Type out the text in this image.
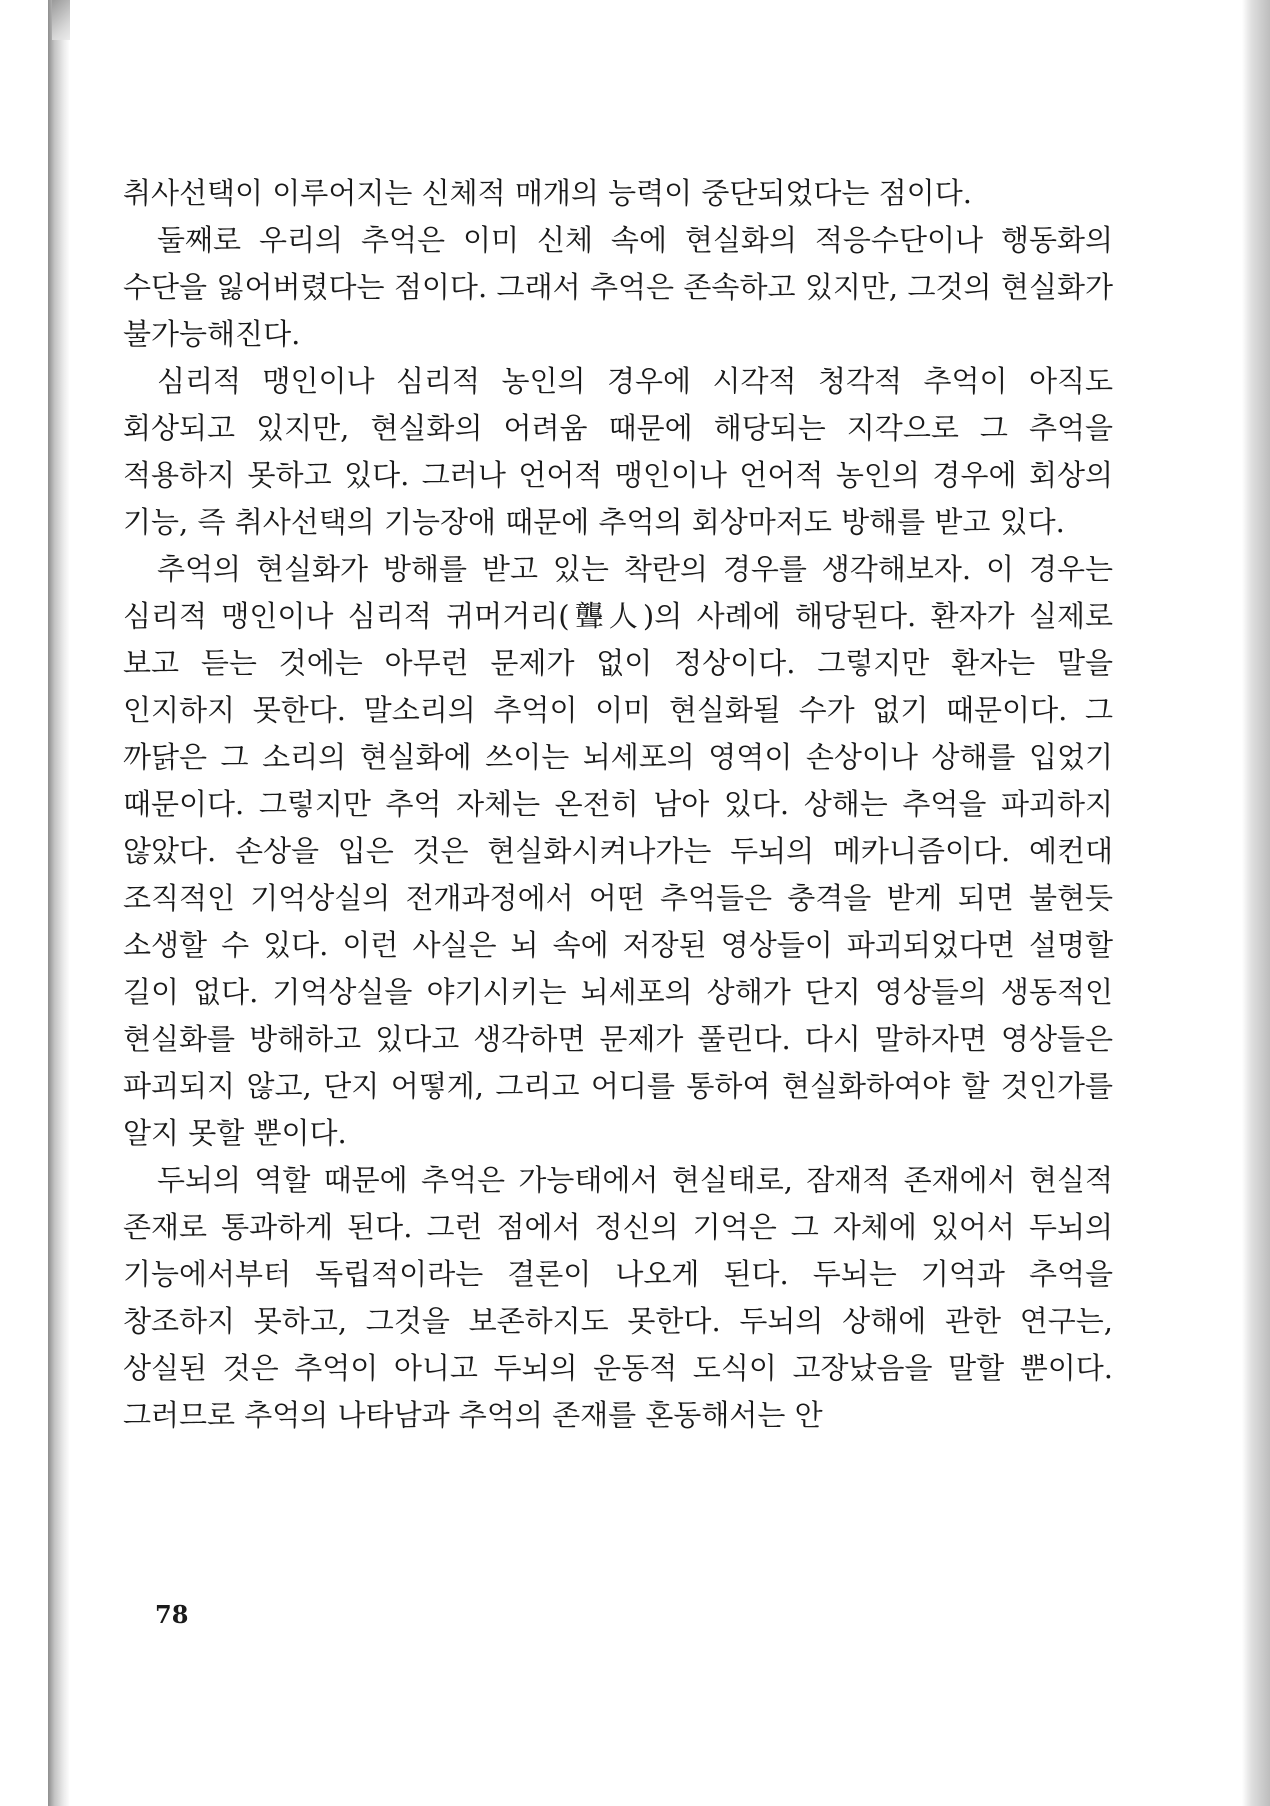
취사선택이 이루어지는 신체적 매개의 능력이 중단되었다는 점이다.

둘째로 우리의 추억은 이미 신체 속에 현실화의 적응수단이나 행동화의 수단을 잃어버렸다는 점이다. 그래서 추억은 존속하고 있지만, 그것의 현실화가 불가능해진다.

심리적 맹인이나 심리적 농인의 경우에 시각적 청각적 추억이 아직도 회상되고 있지만, 현실화의 어려움 때문에 해당되는 지각으로 그 추억을 적용하지 못하고 있다. 그러나 언어적 맹인이나 언어적 농인의 경우에 회상의 기능, 즉 취사선택의 기능장애 때문에 추억의 회상마저도 방해를 받고 있다.

추억의 현실화가 방해를 받고 있는 착란의 경우를 생각해보자. 이 경우는 심리적 맹인이나 심리적 귀머거리(聾人)의 사례에 해당된다. 환자가 실제로 보고 듣는 것에는 아무런 문제가 없이 정상이다. 그렇지만 환자는 말을 인지하지 못한다. 말소리의 추억이 이미 현실화될 수가 없기 때문이다. 그 까닭은 그 소리의 현실화에 쓰이는 뇌세포의 영역이 손상이나 상해를 입었기 때문이다. 그렇지만 추억 자체는 온전히 남아 있다. 상해는 추억을 파괴하지 않았다. 손상을 입은 것은 현실화시켜나가는 두뇌의 메카니즘이다. 예컨대 조직적인 기억상실의 전개과정에서 어떤 추억들은 충격을 받게 되면 불현듯 소생할 수 있다. 이런 사실은 뇌 속에 저장된 영상들이 파괴되었다면 설명할 길이 없다. 기억상실을 야기시키는 뇌세포의 상해가 단지 영상들의 생동적인 현실화를 방해하고 있다고 생각하면 문제가 풀린다. 다시 말하자면 영상들은 파괴되지 않고, 단지 어떻게, 그리고 어디를 통하여 현실화하여야 할 것인가를 알지 못할 뿐이다.

두뇌의 역할 때문에 추억은 가능태에서 현실태로, 잠재적 존재에서 현실적 존재로 통과하게 된다. 그런 점에서 정신의 기억은 그 자체에 있어서 두뇌의 기능에서부터 독립적이라는 결론이 나오게 된다. 두뇌는 기억과 추억을 창조하지 못하고, 그것을 보존하지도 못한다. 두뇌의 상해에 관한 연구는, 상실된 것은 추억이 아니고 두뇌의 운동적 도식이 고장났음을 말할 뿐이다. 그러므로 추억의 나타남과 추억의 존재를 혼동해서는 안

78
